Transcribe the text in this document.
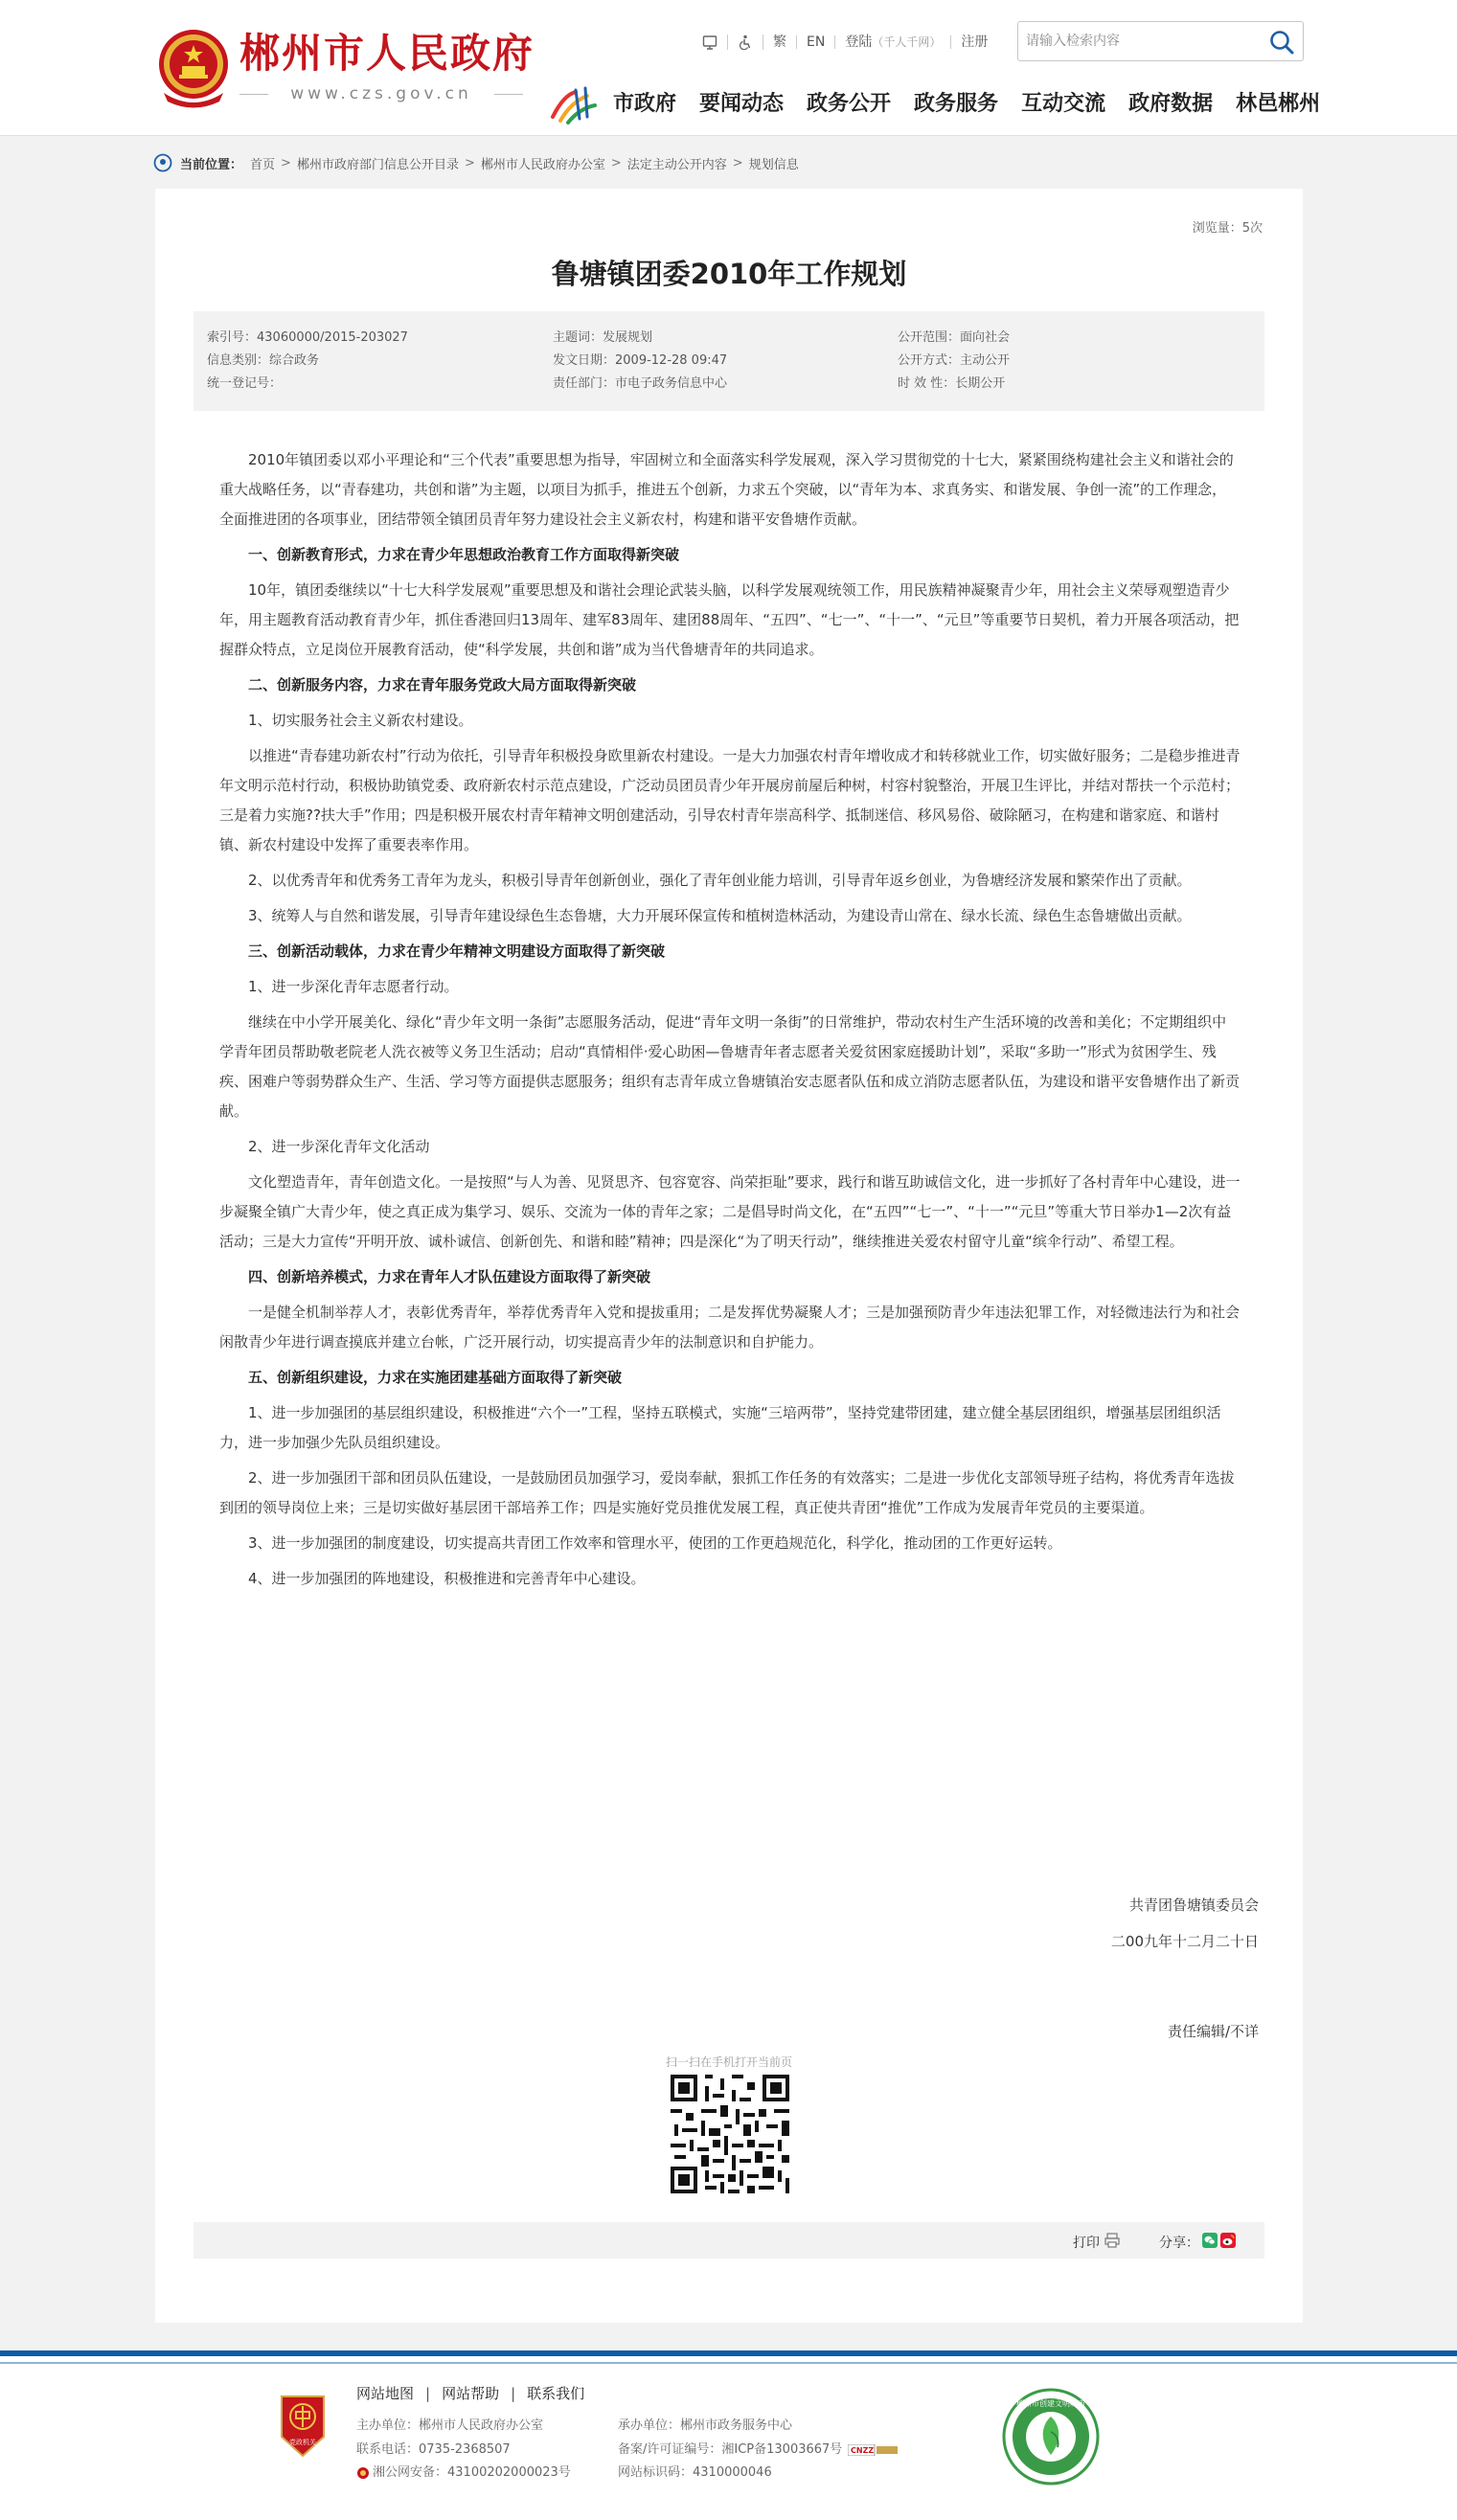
郴州市人民政府
www.czs.gov.cn
繁	EN	登陆 （千人千网）	注册
请输入检索内容
市政府 要闻动态 政务公开 政务服务 互动交流 政府数据 林邑郴州
当前位置： 首页 > 郴州市政府部门信息公开目录 > 郴州市人民政府办公室 > 法定主动公开内容 > 规划信息
浏览量：5次
鲁塘镇团委2010年工作规划
索引号：43060000/2015-203027	主题词：发展规划	公开范围：面向社会
信息类别：综合政务	发文日期：2009-12-28 09:47	公开方式：主动公开
统一登记号：	责任部门：市电子政务信息中心	时 效 性：长期公开

2010年镇团委以邓小平理论和“三个代表”重要思想为指导，牢固树立和全面落实科学发展观，深入学习贯彻党的十七大，紧紧围绕构建社会主义和谐社会的重大战略任务，以“青春建功，共创和谐”为主题，以项目为抓手，推进五个创新，力求五个突破，以“青年为本、求真务实、和谐发展、争创一流”的工作理念，全面推进团的各项事业，团结带领全镇团员青年努力建设社会主义新农村，构建和谐平安鲁塘作贡献。

一、创新教育形式，力求在青少年思想政治教育工作方面取得新突破

10年，镇团委继续以“十七大科学发展观”重要思想及和谐社会理论武装头脑，以科学发展观统领工作，用民族精神凝聚青少年，用社会主义荣辱观塑造青少年，用主题教育活动教育青少年，抓住香港回归13周年、建军83周年、建团88周年、“五四”、“七一”、“十一”、“元旦”等重要节日契机，着力开展各项活动，把握群众特点，立足岗位开展教育活动，使“科学发展，共创和谐”成为当代鲁塘青年的共同追求。

二、创新服务内容，力求在青年服务党政大局方面取得新突破

1、切实服务社会主义新农村建设。

以推进“青春建功新农村”行动为依托，引导青年积极投身欧里新农村建设。一是大力加强农村青年增收成才和转移就业工作，切实做好服务；二是稳步推进青年文明示范村行动，积极协助镇党委、政府新农村示范点建设，广泛动员团员青少年开展房前屋后种树，村容村貌整治，开展卫生评比，并结对帮扶一个示范村；三是着力实施??扶大手”作用；四是积极开展农村青年精神文明创建活动，引导农村青年崇高科学、抵制迷信、移风易俗、破除陋习，在构建和谐家庭、和谐村镇、新农村建设中发挥了重要表率作用。

2、以优秀青年和优秀务工青年为龙头，积极引导青年创新创业，强化了青年创业能力培训，引导青年返乡创业，为鲁塘经济发展和繁荣作出了贡献。

3、统筹人与自然和谐发展，引导青年建设绿色生态鲁塘，大力开展环保宣传和植树造林活动，为建设青山常在、绿水长流、绿色生态鲁塘做出贡献。

三、创新活动载体，力求在青少年精神文明建设方面取得了新突破

1、进一步深化青年志愿者行动。

继续在中小学开展美化、绿化“青少年文明一条街”志愿服务活动，促进“青年文明一条街”的日常维护，带动农村生产生活环境的改善和美化；不定期组织中学青年团员帮助敬老院老人洗衣被等义务卫生活动；启动“真情相伴·爱心助困—鲁塘青年者志愿者关爱贫困家庭援助计划”，采取“多助一”形式为贫困学生、残疾、困难户等弱势群众生产、生活、学习等方面提供志愿服务；组织有志青年成立鲁塘镇治安志愿者队伍和成立消防志愿者队伍，为建设和谐平安鲁塘作出了新贡献。

2、进一步深化青年文化活动

文化塑造青年，青年创造文化。一是按照“与人为善、见贤思齐、包容宽容、尚荣拒耻”要求，践行和谐互助诚信文化，进一步抓好了各村青年中心建设，进一步凝聚全镇广大青少年，使之真正成为集学习、娱乐、交流为一体的青年之家；二是倡导时尚文化，在“五四”“七一”、“十一”“元旦”等重大节日举办1—2次有益活动；三是大力宣传“开明开放、诚朴诚信、创新创先、和谐和睦”精神；四是深化“为了明天行动”，继续推进关爱农村留守儿童“缤伞行动”、希望工程。

四、创新培养模式，力求在青年人才队伍建设方面取得了新突破

一是健全机制举荐人才，表彰优秀青年，举荐优秀青年入党和提拔重用；二是发挥优势凝聚人才；三是加强预防青少年违法犯罪工作，对轻微违法行为和社会闲散青少年进行调查摸底并建立台帐，广泛开展行动，切实提高青少年的法制意识和自护能力。

五、创新组织建设，力求在实施团建基础方面取得了新突破

1、进一步加强团的基层组织建设，积极推进“六个一”工程，坚持五联模式，实施“三培两带”，坚持党建带团建，建立健全基层团组织，增强基层团组织活力，进一步加强少先队员组织建设。

2、进一步加强团干部和团员队伍建设，一是鼓励团员加强学习，爱岗奉献，狠抓工作任务的有效落实；二是进一步优化支部领导班子结构，将优秀青年选拔到团的领导岗位上来；三是切实做好基层团干部培养工作；四是实施好党员推优发展工程，真正使共青团“推优”工作成为发展青年党员的主要渠道。

3、进一步加强团的制度建设，切实提高共青团工作效率和管理水平，使团的工作更趋规范化，科学化，推动团的工作更好运转。

4、进一步加强团的阵地建设，积极推进和完善青年中心建设。

共青团鲁塘镇委员会
二00九年十二月二十日
责任编辑/不详
扫一扫在手机打开当前页
打印	分享：
党政机关
网站地图 | 网站帮助 | 联系我们
主办单位：郴州市人民政府办公室	承办单位：郴州市政务服务中心
联系电话：0735-2368507	备案/许可证编号：湘ICP备13003667号 CNZZ
湘公网安备：43100202000023号	网站标识码：4310000046
郴州市创建文明城市
